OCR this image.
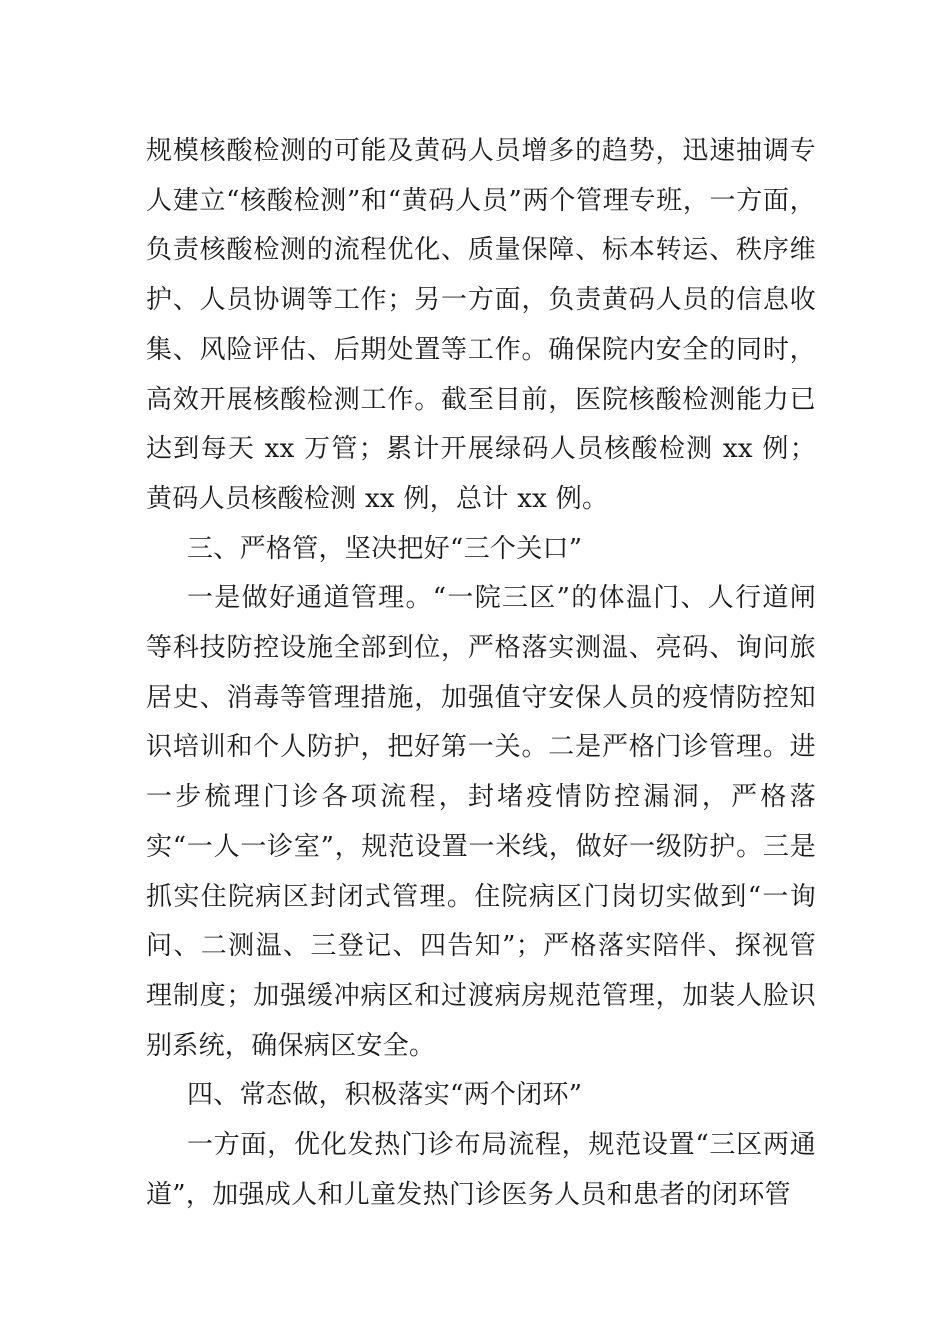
规模核酸检测的可能及黄码人员增多的趋势，迅速抽调专人建立“核酸检测”和“黄码人员”两个管理专班，一方面，负责核酸检测的流程优化、质量保障、标本转运、秩序维护、人员协调等工作；另一方面，负责黄码人员的信息收集、风险评估、后期处置等工作。确保院内安全的同时，高效开展核酸检测工作。截至目前，医院核酸检测能力已达到每天 xx 万管；累计开展绿码人员核酸检测 xx 例；黄码人员核酸检测 xx 例，总计 xx 例。

三、严格管，坚决把好“三个关口”

一是做好通道管理。“一院三区”的体温门、人行道闸等科技防控设施全部到位，严格落实测温、亮码、询问旅居史、消毒等管理措施，加强值守安保人员的疫情防控知识培训和个人防护，把好第一关。二是严格门诊管理。进一步梳理门诊各项流程，封堵疫情防控漏洞，严格落实“一人一诊室”，规范设置一米线，做好一级防护。三是抓实住院病区封闭式管理。住院病区门岗切实做到“一询问、二测温、三登记、四告知”；严格落实陪伴、探视管理制度；加强缓冲病区和过渡病房规范管理，加装人脸识别系统，确保病区安全。

四、常态做，积极落实“两个闭环”

一方面，优化发热门诊布局流程，规范设置“三区两通道”，加强成人和儿童发热门诊医务人员和患者的闭环管
